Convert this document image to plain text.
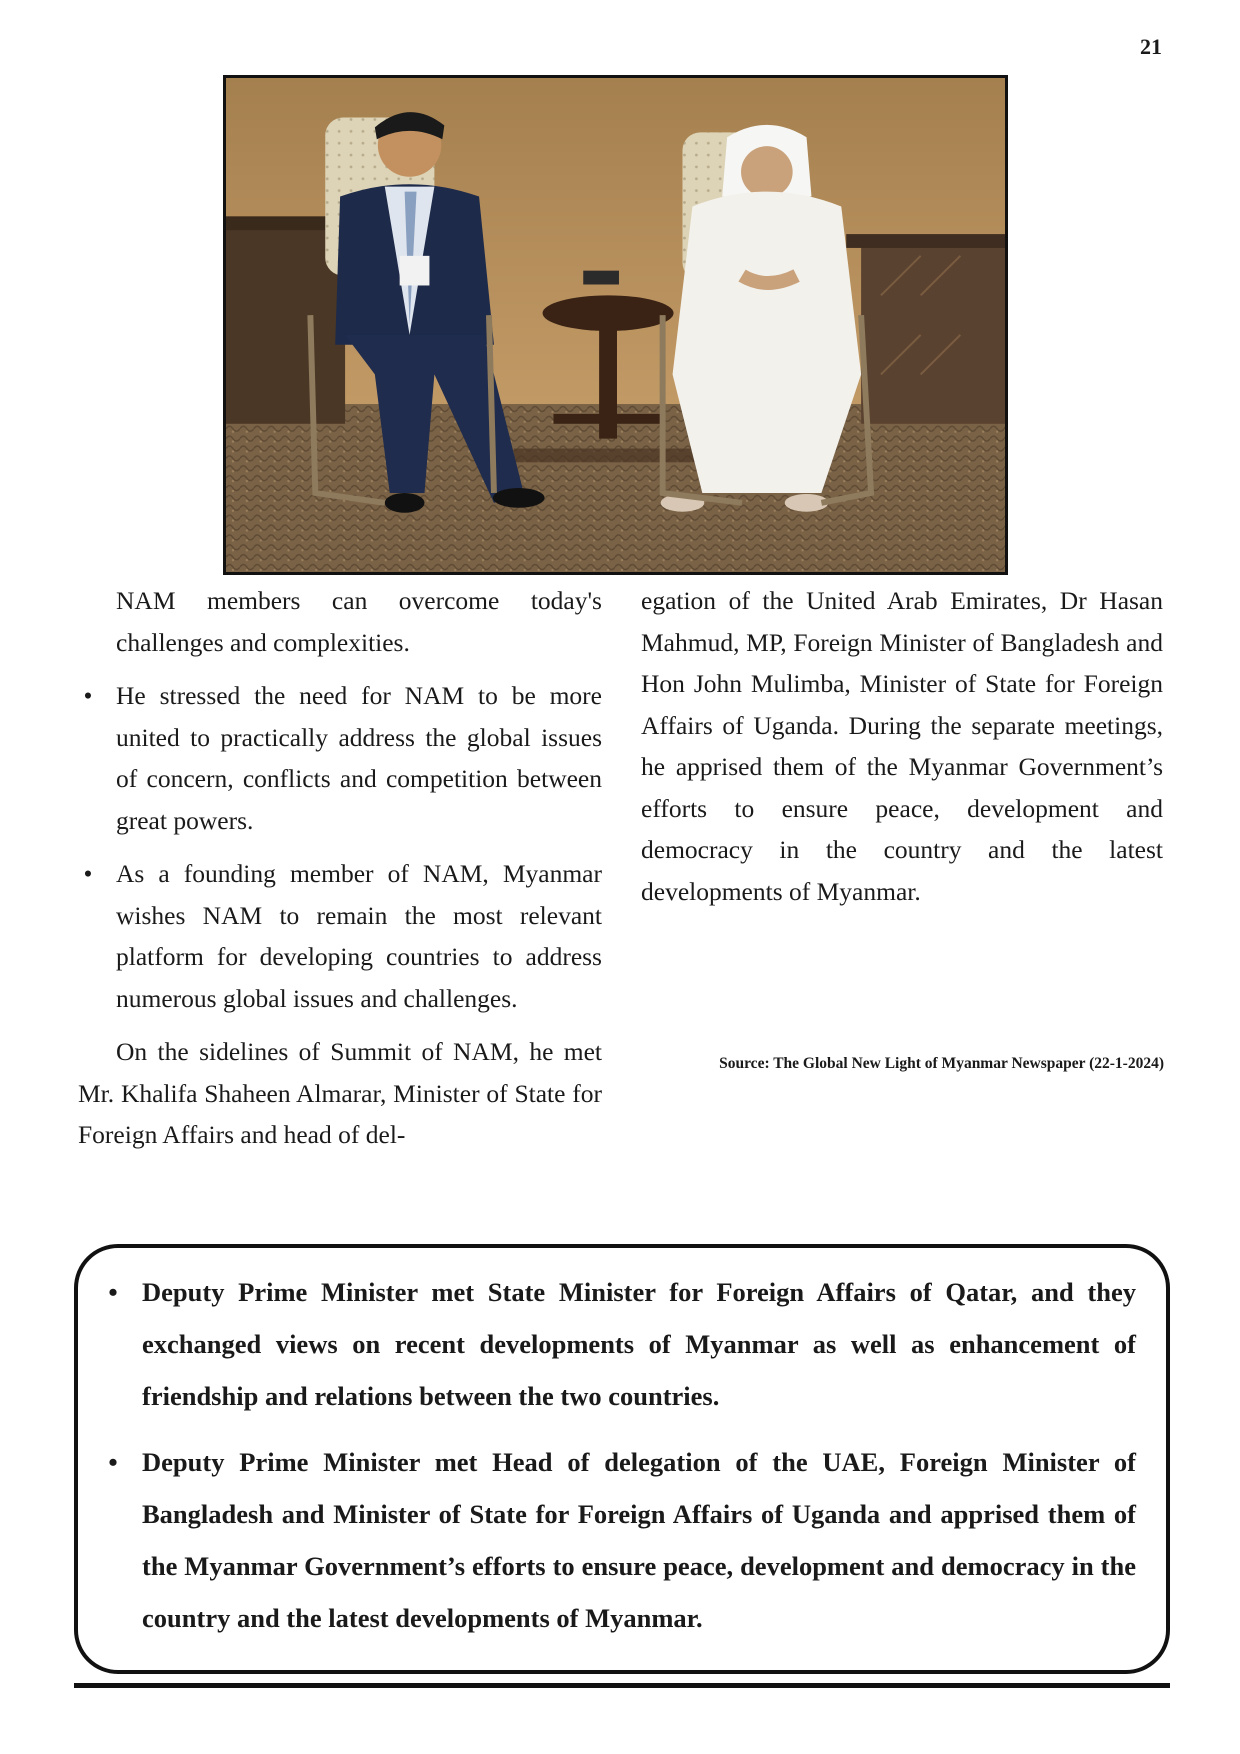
21

NAM members can overcome today's challenges and complexities.

• He stressed the need for NAM to be more united to practically address the global issues of concern, conflicts and competition between great powers.

• As a founding member of NAM, Myanmar wishes NAM to remain the most relevant platform for developing countries to address numerous global issues and challenges.

On the sidelines of Summit of NAM, he met Mr. Khalifa Shaheen Almarar, Minister of State for Foreign Affairs and head of del-

egation of the United Arab Emirates, Dr Hasan Mahmud, MP, Foreign Minister of Bangladesh and Hon John Mulimba, Minister of State for Foreign Affairs of Uganda. During the separate meetings, he apprised them of the Myanmar Government’s efforts to ensure peace, development and democracy in the country and the latest developments of Myanmar.

Source: The Global New Light of Myanmar Newspaper (22-1-2024)
• Deputy Prime Minister met State Minister for Foreign Affairs of Qatar, and they exchanged views on recent developments of Myanmar as well as enhancement of friendship and relations between the two countries.
• Deputy Prime Minister met Head of delegation of the UAE, Foreign Minister of Bangladesh and Minister of State for Foreign Affairs of Uganda and apprised them of the Myanmar Government’s efforts to ensure peace, development and democracy in the country and the latest developments of Myanmar.
